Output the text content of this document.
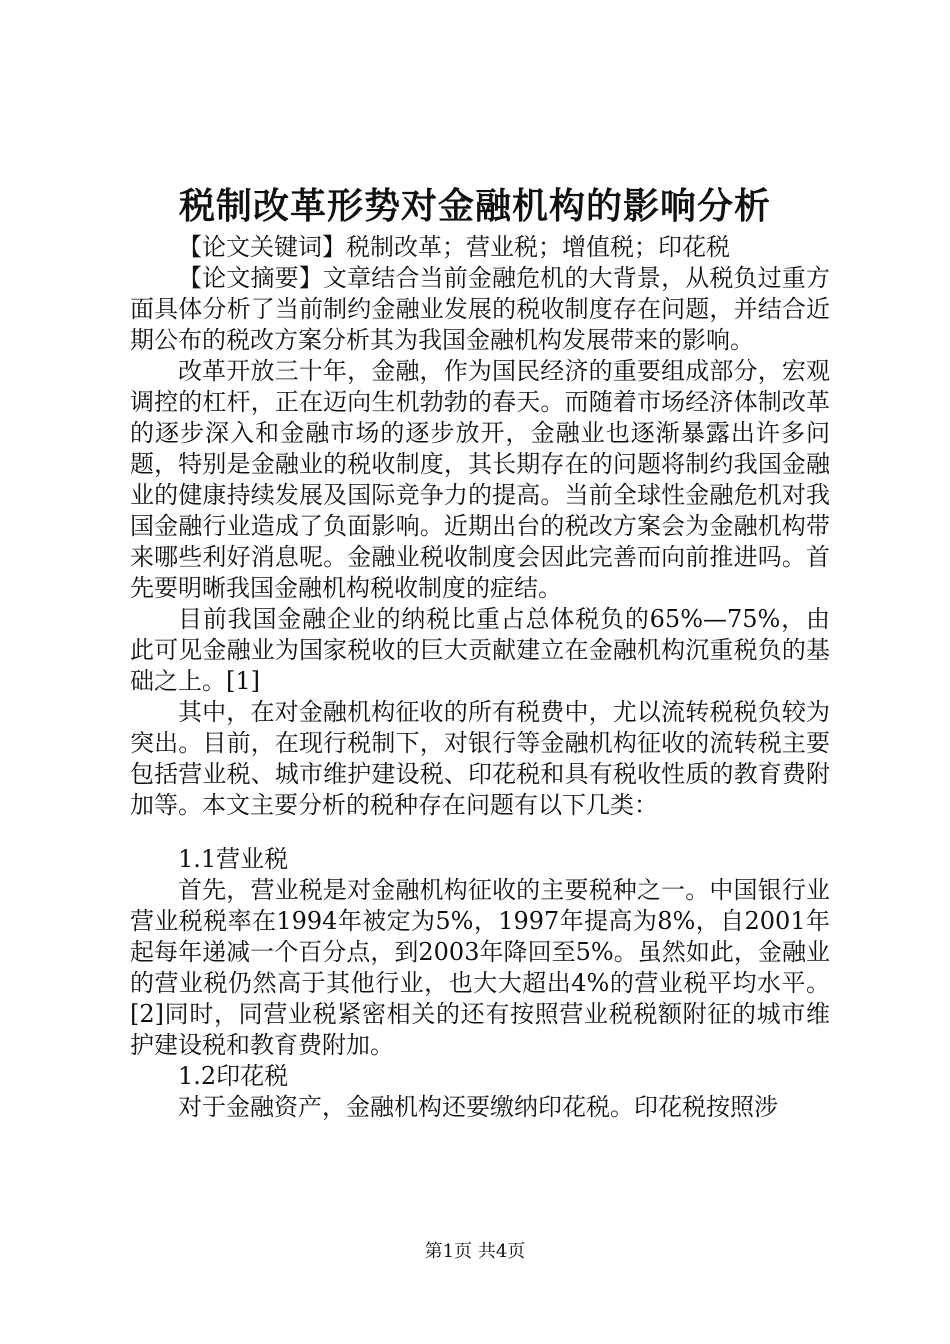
税制改革形势对金融机构的影响分析

【论文关键词】税制改革；营业税；增值税；印花税

【论文摘要】文章结合当前金融危机的大背景，从税负过重方面具体分析了当前制约金融业发展的税收制度存在问题，并结合近期公布的税改方案分析其为我国金融机构发展带来的影响。

改革开放三十年，金融，作为国民经济的重要组成部分，宏观调控的杠杆，正在迈向生机勃勃的春天。而随着市场经济体制改革的逐步深入和金融市场的逐步放开，金融业也逐渐暴露出许多问题，特别是金融业的税收制度，其长期存在的问题将制约我国金融业的健康持续发展及国际竞争力的提高。当前全球性金融危机对我国金融行业造成了负面影响。近期出台的税改方案会为金融机构带来哪些利好消息呢。金融业税收制度会因此完善而向前推进吗。首先要明晰我国金融机构税收制度的症结。

目前我国金融企业的纳税比重占总体税负的65%—75%，由此可见金融业为国家税收的巨大贡献建立在金融机构沉重税负的基础之上。[1]

其中，在对金融机构征收的所有税费中，尤以流转税税负较为突出。目前，在现行税制下，对银行等金融机构征收的流转税主要包括营业税、城市维护建设税、印花税和具有税收性质的教育费附加等。本文主要分析的税种存在问题有以下几类：

1.1营业税

首先，营业税是对金融机构征收的主要税种之一。中国银行业营业税税率在1994年被定为5%，1997年提高为8%，自2001年起每年递减一个百分点，到2003年降回至5%。虽然如此，金融业的营业税仍然高于其他行业，也大大超出4%的营业税平均水平。[2]同时，同营业税紧密相关的还有按照营业税税额附征的城市维护建设税和教育费附加。

1.2印花税

对于金融资产，金融机构还要缴纳印花税。印花税按照涉

第1页 共4页
